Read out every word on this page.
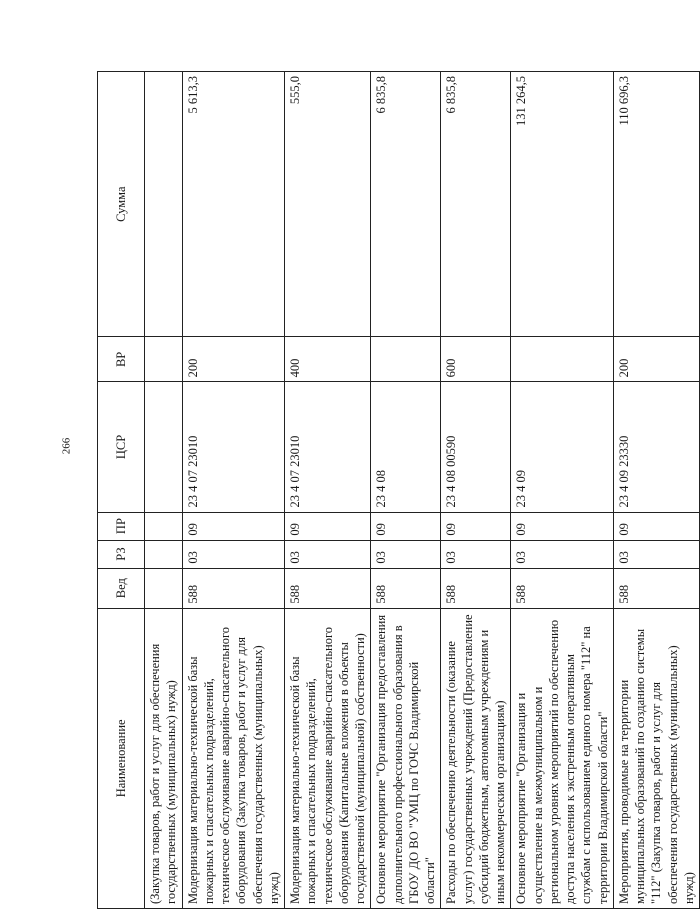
266
Наименование	Вед	РЗ	ПР	ЦСР	ВР	Сумма
(Закупка товаров, работ и услуг для обеспечения государственных (муниципальных) нужд)						
Модернизация материально-технической базы пожарных и спасательных подразделений, техническое обслуживание аварийно-спасательного оборудования (Закупка товаров, работ и услуг для обеспечения государственных (муниципальных) нужд)	588	03	09	23 4 07 23010	200	5 613,3
Модернизация материально-технической базы пожарных и спасательных подразделений, техническое обслуживание аварийно-спасательного оборудования (Капитальные вложения в объекты государственной (муниципальной) собственности)	588	03	09	23 4 07 23010	400	555,0
Основное мероприятие "Организация предоставления дополнительного профессионального образования в ГБОУ ДО ВО "УМЦ по ГОЧС Владимирской области"	588	03	09	23 4 08		6 835,8
Расходы по обеспечению деятельности (оказание услуг) государственных учреждений (Предоставление субсидий бюджетным, автономным учреждениям и иным некоммерческим организациям)	588	03	09	23 4 08 00590	600	6 835,8
Основное мероприятие "Организация и осуществление на межмуниципальном и региональном уровнях мероприятий по обеспечению доступа населения к экстренным оперативным службам с использованием единого номера "112" на территории Владимирской области"	588	03	09	23 4 09		131 264,5
Мероприятия, проводимые на территории муниципальных образований по созданию системы "112" (Закупка товаров, работ и услуг для обеспечения государственных (муниципальных) нужд)	588	03	09	23 4 09 23330	200	110 696,3
